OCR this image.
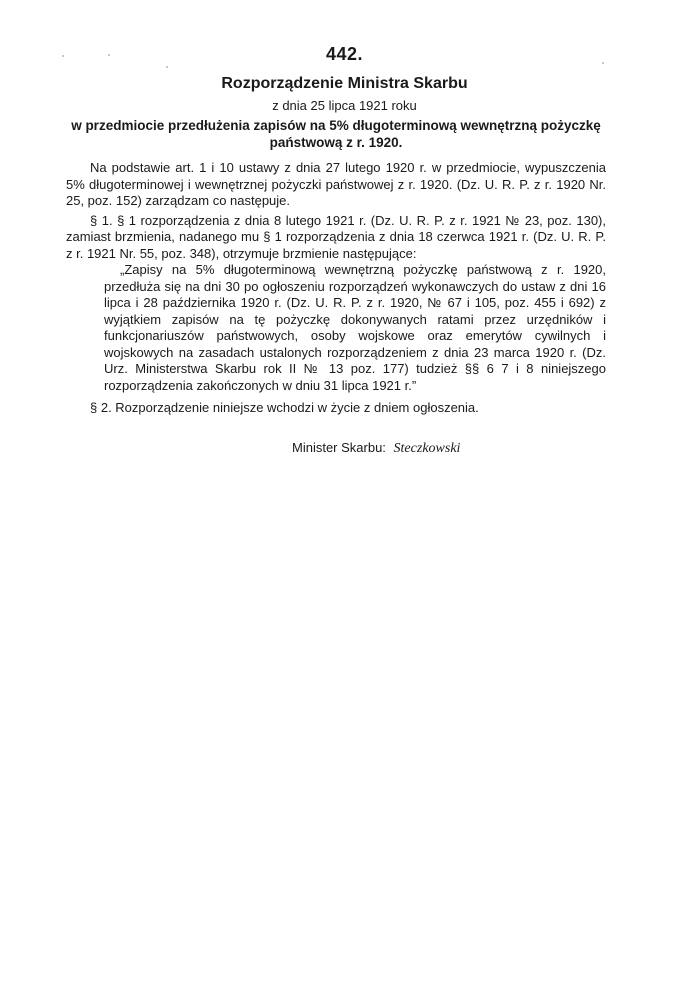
442.
Rozporządzenie Ministra Skarbu
z dnia 25 lipca 1921 roku
w przedmiocie przedłużenia zapisów na 5% długoterminową wewnętrzną pożyczkę państwową z r. 1920.

Na podstawie art. 1 i 10 ustawy z dnia 27 lutego 1920 r. w przedmiocie, wypuszczenia 5% długoterminowej i wewnętrznej pożyczki państwowej z r. 1920. (Dz. U. R. P. z r. 1920 Nr. 25, poz. 152) zarządzam co następuje.

§ 1. § 1 rozporządzenia z dnia 8 lutego 1921 r. (Dz. U. R. P. z r. 1921 № 23, poz. 130), zamiast brzmienia, nadanego mu § 1 rozporządzenia z dnia 18 czerwca 1921 r. (Dz. U. R. P. z r. 1921 Nr. 55, poz. 348), otrzymuje brzmienie następujące:

„Zapisy na 5% długoterminową wewnętrzną pożyczkę państwową z r. 1920, przedłuża się na dni 30 po ogłoszeniu rozporządzeń wykonawczych do ustaw z dni 16 lipca i 28 października 1920 r. (Dz. U. R. P. z r. 1920, № 67 i 105, poz. 455 i 692) z wyjątkiem zapisów na tę pożyczkę dokonywanych ratami przez urzędników i funkcjonariuszów państwowych, osoby wojskowe oraz emerytów cywilnych i wojskowych na zasadach ustalonych rozporządzeniem z dnia 23 marca 1920 r. (Dz. Urz. Ministerstwa Skarbu rok II № 13 poz. 177) tudzież §§ 6 7 i 8 niniejszego rozporządzenia zakończonych w dniu 31 lipca 1921 r.”

§ 2. Rozporządzenie niniejsze wchodzi w życie z dniem ogłoszenia.

Minister Skarbu: Steczkowski
